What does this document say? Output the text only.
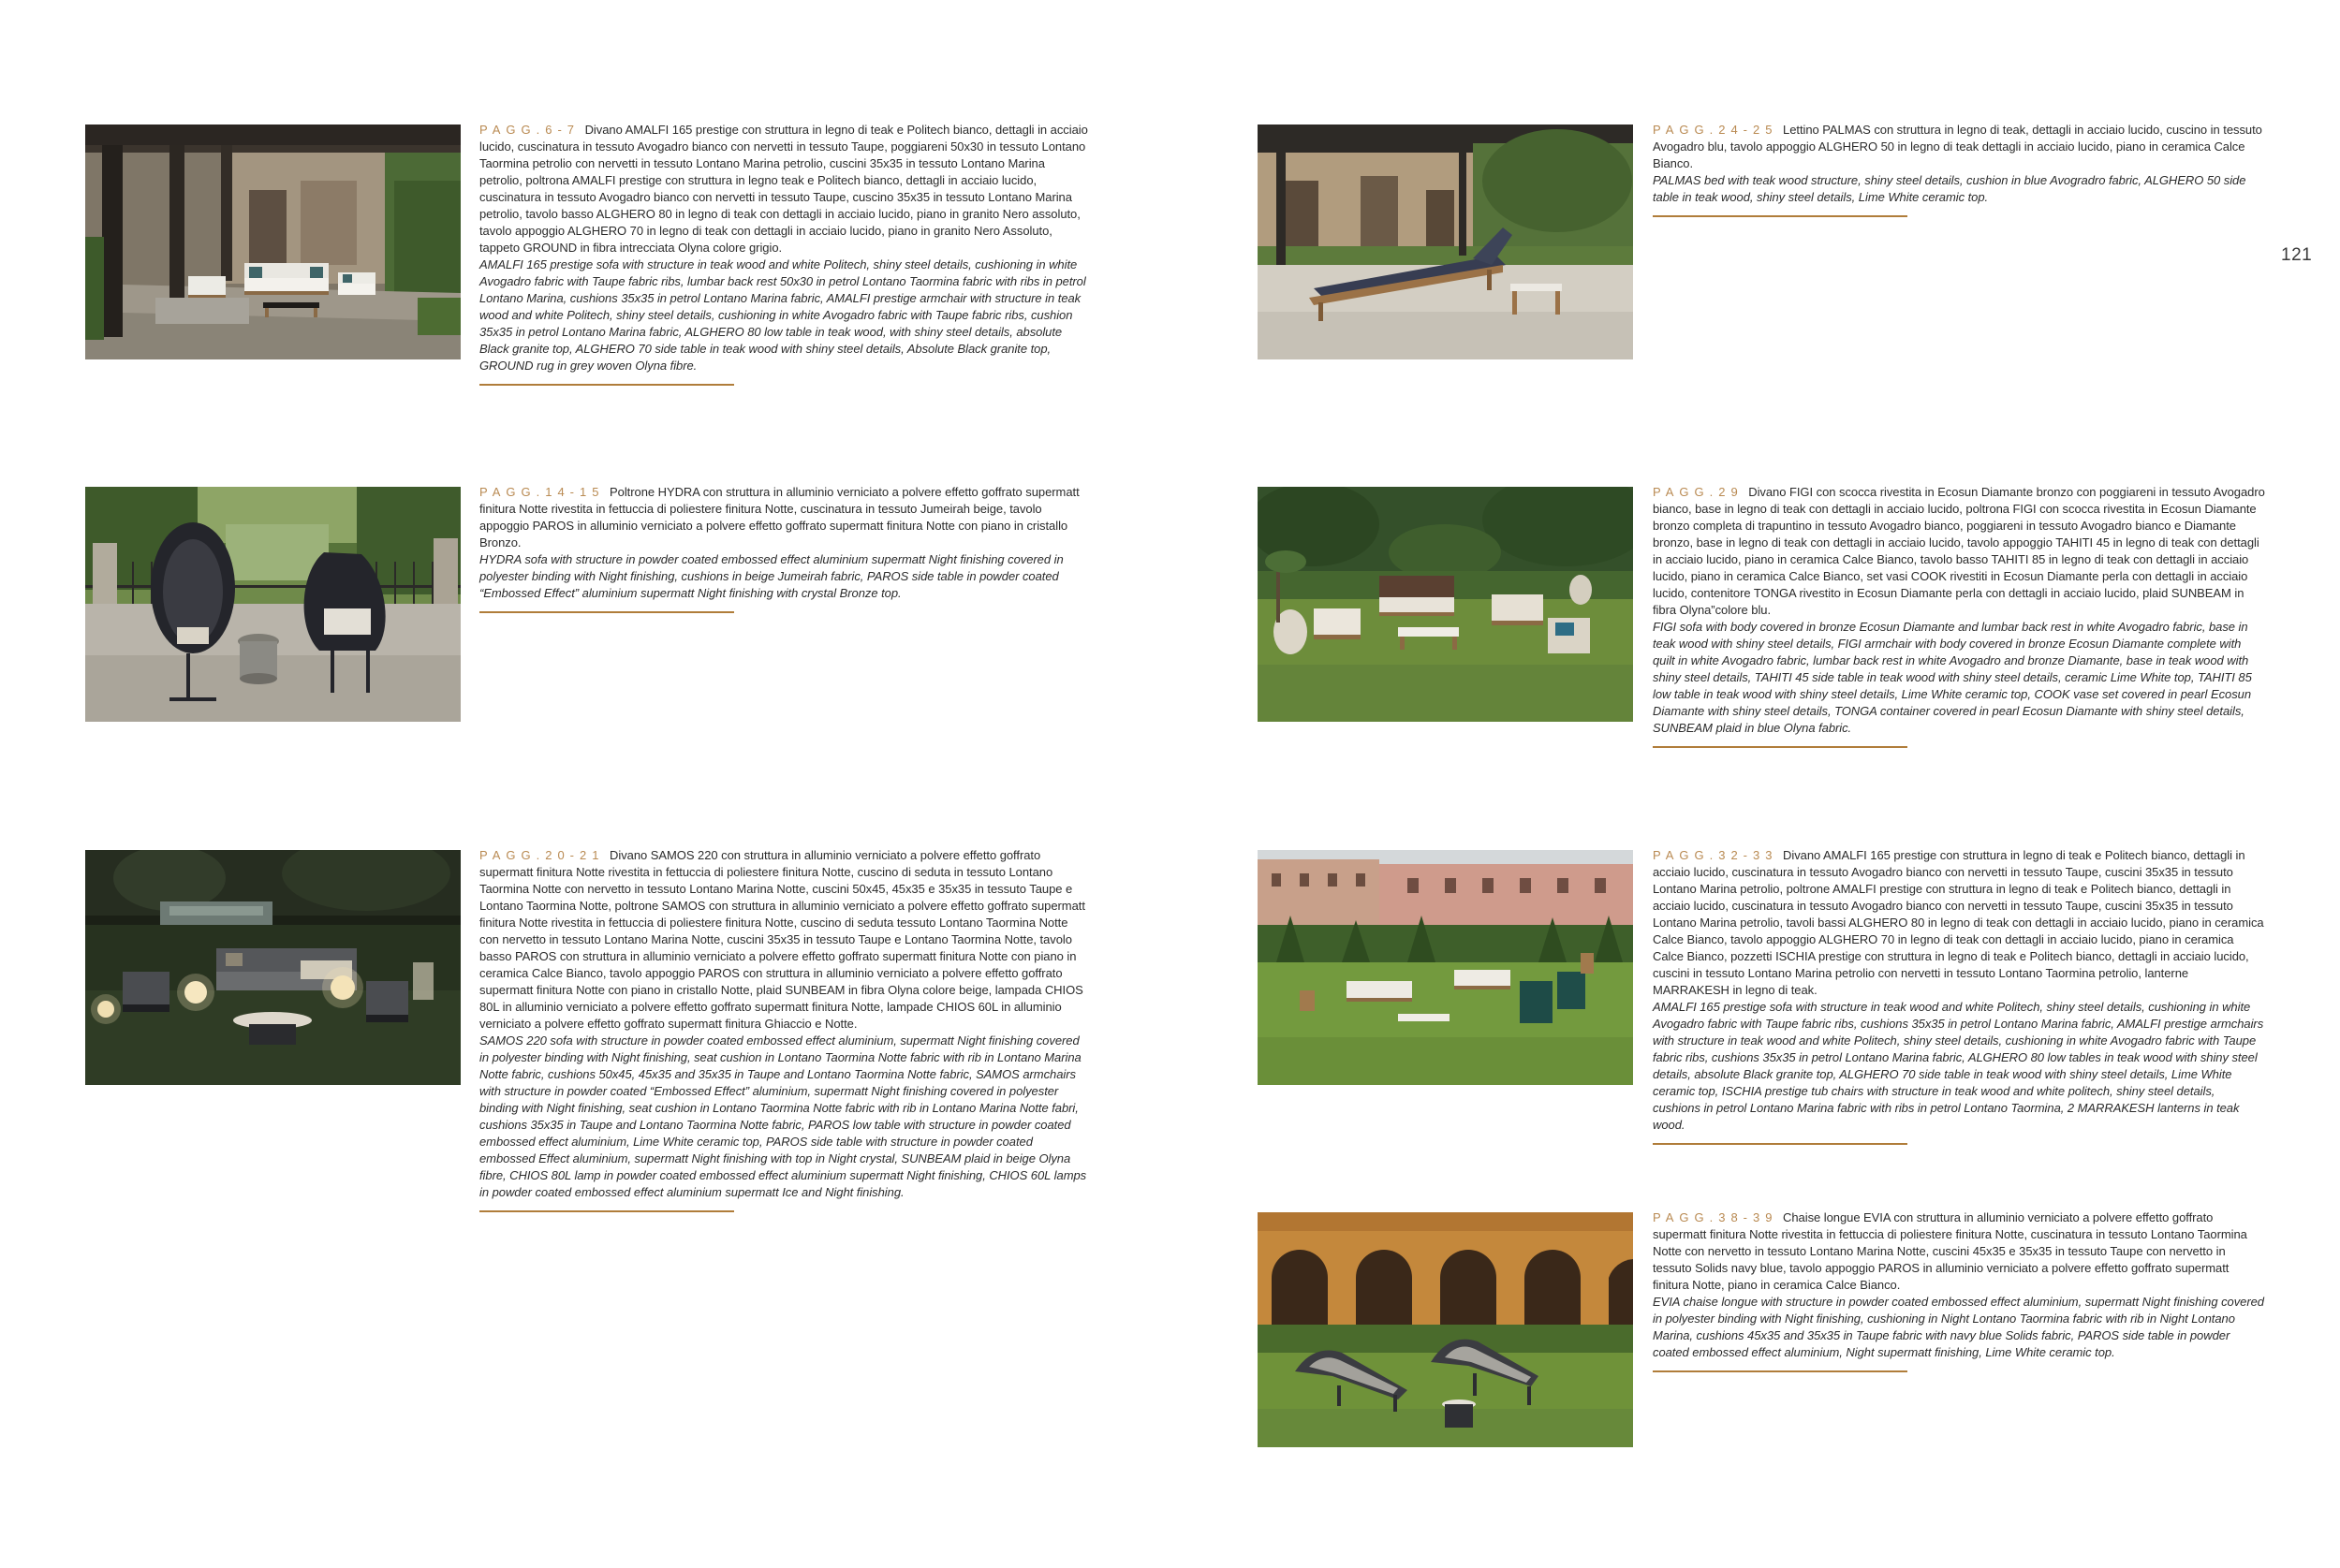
PAGG.6-7 Divano AMALFI 165 prestige con struttura in legno di teak e Politech bianco, dettagli in acciaio lucido, cuscinatura in tessuto Avogadro bianco con nervetti in tessuto Taupe, poggiareni 50x30 in tessuto Lontano Taormina petrolio con nervetti in tessuto Lontano Marina petrolio, cuscini 35x35 in tessuto Lontano Marina petrolio, poltrona AMALFI prestige con struttura in legno teak e Politech bianco, dettagli in acciaio lucido, cuscinatura in tessuto Avogadro bianco con nervetti in tessuto Taupe, cuscino 35x35 in tessuto Lontano Marina petrolio, tavolo basso ALGHERO 80 in legno di teak con dettagli in acciaio lucido, piano in granito Nero assoluto, tavolo appoggio ALGHERO 70 in legno di teak con dettagli in acciaio lucido, piano in granito Nero Assoluto, tappeto GROUND in fibra intrecciata Olyna colore grigio.

AMALFI 165 prestige sofa with structure in teak wood and white Politech, shiny steel details, cushioning in white Avogadro fabric with Taupe fabric ribs, lumbar back rest 50x30 in petrol Lontano Taormina fabric with ribs in petrol Lontano Marina, cushions 35x35 in petrol Lontano Marina fabric, AMALFI prestige armchair with structure in teak wood and white Politech, shiny steel details, cushioning in white Avogadro fabric with Taupe fabric ribs, cushion 35x35 in petrol Lontano Marina fabric, ALGHERO 80 low table in teak wood, with shiny steel details, absolute Black granite top, ALGHERO 70 side table in teak wood with shiny steel details, Absolute Black granite top, GROUND rug in grey woven Olyna fibre.

PAGG.14-15 Poltrone HYDRA con struttura in alluminio verniciato a polvere effetto goffrato supermatt finitura Notte rivestita in fettuccia di poliestere finitura Notte, cuscinatura in tessuto Jumeirah beige, tavolo appoggio PAROS in alluminio verniciato a polvere effetto goffrato supermatt finitura Notte con piano in cristallo Bronzo.

HYDRA sofa with structure in powder coated embossed effect aluminium supermatt Night finishing covered in polyester binding with Night finishing, cushions in beige Jumeirah fabric, PAROS side table in powder coated “Embossed Effect” aluminium supermatt Night finishing with crystal Bronze top.

PAGG.20-21 Divano SAMOS 220 con struttura in alluminio verniciato a polvere effetto goffrato supermatt finitura Notte rivestita in fettuccia di poliestere finitura Notte, cuscino di seduta in tessuto Lontano Taormina Notte con nervetto in tessuto Lontano Marina Notte, cuscini 50x45, 45x35 e 35x35 in tessuto Taupe e Lontano Taormina Notte, poltrone SAMOS con struttura in alluminio verniciato a polvere effetto goffrato supermatt finitura Notte rivestita in fettuccia di poliestere finitura Notte, cuscino di seduta tessuto Lontano Taormina Notte con nervetto in tessuto Lontano Marina Notte, cuscini 35x35 in tessuto Taupe e Lontano Taormina Notte, tavolo basso PAROS con struttura in alluminio verniciato a polvere effetto goffrato supermatt finitura Notte con piano in ceramica Calce Bianco, tavolo appoggio PAROS con struttura in alluminio verniciato a polvere effetto goffrato supermatt finitura Notte con piano in cristallo Notte, plaid SUNBEAM in fibra Olyna colore beige, lampada CHIOS 80L in alluminio verniciato a polvere effetto goffrato supermatt finitura Notte, lampade CHIOS 60L in alluminio verniciato a polvere effetto goffrato supermatt finitura Ghiaccio e Notte.

SAMOS 220 sofa with structure in powder coated embossed effect aluminium, supermatt Night finishing covered in polyester binding with Night finishing, seat cushion in Lontano Taormina Notte fabric with rib in Lontano Marina Notte fabric, cushions 50x45, 45x35 and 35x35 in Taupe and Lontano Taormina Notte fabric, SAMOS armchairs with structure in powder coated “Embossed Effect” aluminium, supermatt Night finishing covered in polyester binding with Night finishing, seat cushion in Lontano Taormina Notte fabric with rib in Lontano Marina Notte fabri, cushions 35x35 in Taupe and Lontano Taormina Notte fabric, PAROS low table with structure in powder coated embossed effect aluminium, Lime White ceramic top, PAROS side table with structure in powder coated embossed Effect aluminium, supermatt Night finishing with top in Night crystal, SUNBEAM plaid in beige Olyna fibre, CHIOS 80L lamp in powder coated embossed effect aluminium supermatt Night finishing, CHIOS 60L lamps in powder coated embossed effect aluminium supermatt Ice and Night finishing.

121

PAGG.24-25 Lettino PALMAS con struttura in legno di teak, dettagli in acciaio lucido, cuscino in tessuto Avogadro blu, tavolo appoggio ALGHERO 50 in legno di teak dettagli in acciaio lucido, piano in ceramica Calce Bianco.

PALMAS bed with teak wood structure, shiny steel details, cushion in blue Avogradro fabric, ALGHERO 50 side table in teak wood, shiny steel details, Lime White ceramic top.

PAGG.29 Divano FIGI con scocca rivestita in Ecosun Diamante bronzo con poggiareni in tessuto Avogadro bianco, base in legno di teak con dettagli in acciaio lucido, poltrona FIGI con scocca rivestita in Ecosun Diamante bronzo completa di trapuntino in tessuto Avogadro bianco, poggiareni in tessuto Avogadro bianco e Diamante bronzo, base in legno di teak con dettagli in acciaio lucido, tavolo appoggio TAHITI 45 in legno di teak con dettagli in acciaio lucido, piano in ceramica Calce Bianco, tavolo basso TAHITI 85 in legno di teak con dettagli in acciaio lucido, piano in ceramica Calce Bianco, set vasi COOK rivestiti in Ecosun Diamante perla con dettagli in acciaio lucido, contenitore TONGA rivestito in Ecosun Diamante perla con dettagli in acciaio lucido, plaid SUNBEAM in fibra Olyna”colore blu.

FIGI sofa with body covered in bronze Ecosun Diamante and lumbar back rest in white Avogadro fabric, base in teak wood with shiny steel details, FIGI armchair with body covered in bronze Ecosun Diamante complete with quilt in white Avogadro fabric, lumbar back rest in white Avogadro and bronze Diamante, base in teak wood with shiny steel details, TAHITI 45 side table in teak wood with shiny steel details, ceramic Lime White top, TAHITI 85 low table in teak wood with shiny steel details, Lime White ceramic top, COOK vase set covered in pearl Ecosun Diamante with shiny steel details, TONGA container covered in pearl Ecosun Diamante with shiny steel details, SUNBEAM plaid in blue Olyna fabric.

PAGG.32-33 Divano AMALFI 165 prestige con struttura in legno di teak e Politech bianco, dettagli in acciaio lucido, cuscinatura in tessuto Avogadro bianco con nervetti in tessuto Taupe, cuscini 35x35 in tessuto Lontano Marina petrolio, poltrone AMALFI prestige con struttura in legno di teak e Politech bianco, dettagli in acciaio lucido, cuscinatura in tessuto Avogadro bianco con nervetti in tessuto Taupe, cuscini 35x35 in tessuto Lontano Marina petrolio, tavoli bassi ALGHERO 80 in legno di teak con dettagli in acciaio lucido, piano in ceramica Calce Bianco, tavolo appoggio ALGHERO 70 in legno di teak con dettagli in acciaio lucido, piano in ceramica Calce Bianco, pozzetti ISCHIA prestige con struttura in legno di teak e Politech bianco, dettagli in acciaio lucido, cuscini in tessuto Lontano Marina petrolio con nervetti in tessuto Lontano Taormina petrolio, lanterne MARRAKESH in legno di teak.

AMALFI 165 prestige sofa with structure in teak wood and white Politech, shiny steel details, cushioning in white Avogadro fabric with Taupe fabric ribs, cushions 35x35 in petrol Lontano Marina fabric, AMALFI prestige armchairs with structure in teak wood and white Politech, shiny steel details, cushioning in white Avogadro fabric with Taupe fabric ribs, cushions 35x35 in petrol Lontano Marina fabric, ALGHERO 80 low tables in teak wood with shiny steel details, absolute Black granite top, ALGHERO 70 side table in teak wood with shiny steel details, Lime White ceramic top, ISCHIA prestige tub chairs with structure in teak wood and white politech, shiny steel details, cushions in petrol Lontano Marina fabric with ribs in petrol Lontano Taormina, 2 MARRAKESH lanterns in teak wood.

PAGG.38-39 Chaise longue EVIA con struttura in alluminio verniciato a polvere effetto goffrato supermatt finitura Notte rivestita in fettuccia di poliestere finitura Notte, cuscinatura in tessuto Lontano Taormina Notte con nervetto in tessuto Lontano Marina Notte, cuscini 45x35 e 35x35 in tessuto Taupe con nervetto in tessuto Solids navy blue, tavolo appoggio PAROS in alluminio verniciato a polvere effetto goffrato supermatt finitura Notte, piano in ceramica Calce Bianco.

EVIA chaise longue with structure in powder coated embossed effect aluminium, supermatt Night finishing covered in polyester binding with Night finishing, cushioning in Night Lontano Taormina fabric with rib in Night Lontano Marina, cushions 45x35 and 35x35 in Taupe fabric with navy blue Solids fabric, PAROS side table in powder coated embossed effect aluminium, Night supermatt finishing, Lime White ceramic top.
